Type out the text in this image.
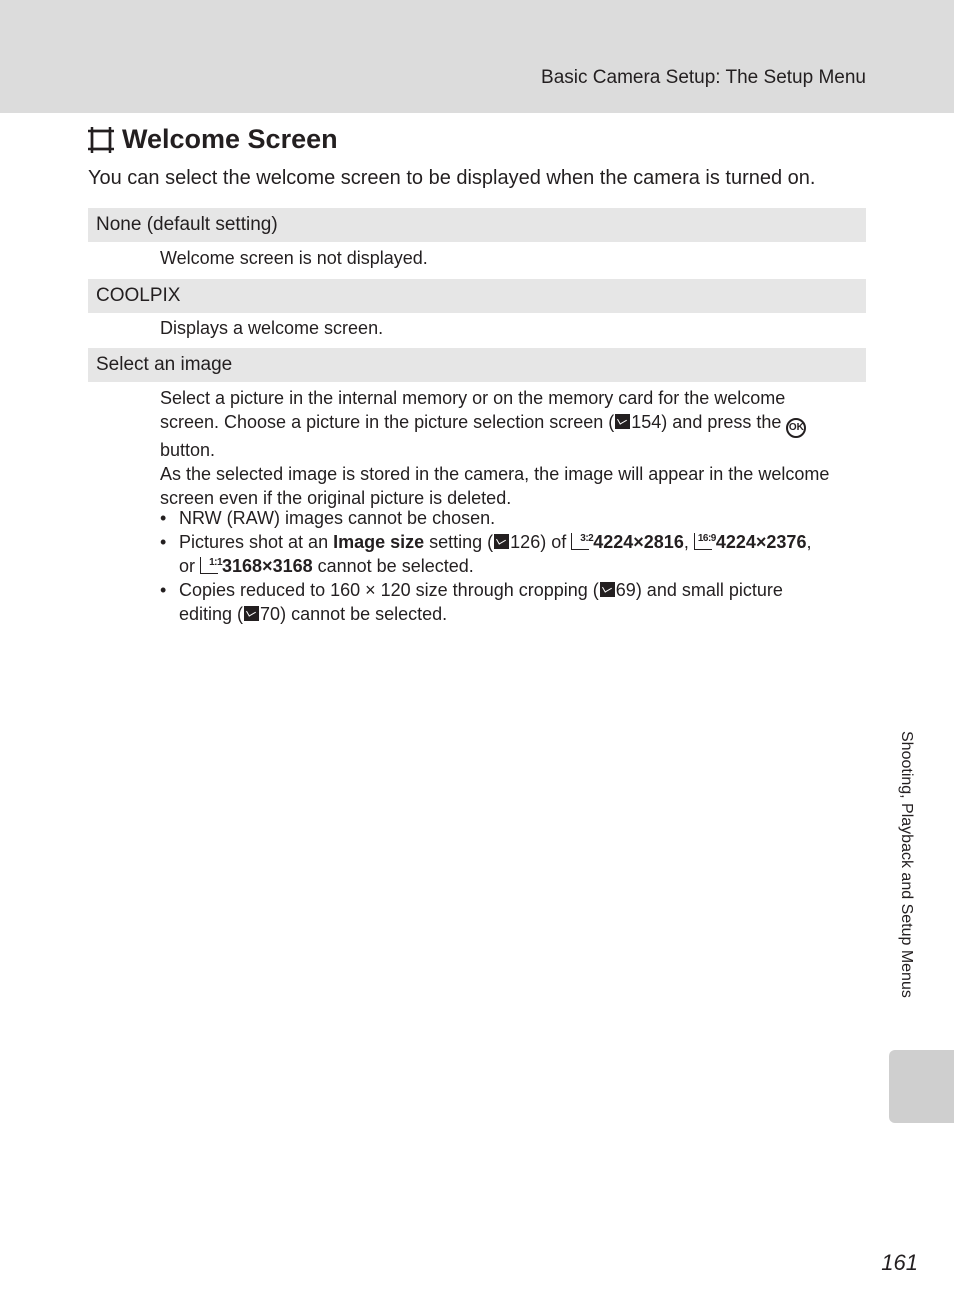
Basic Camera Setup: The Setup Menu
Welcome Screen
You can select the welcome screen to be displayed when the camera is turned on.
None (default setting)
Welcome screen is not displayed.
COOLPIX
Displays a welcome screen.
Select an image
Select a picture in the internal memory or on the memory card for the welcome
screen. Choose a picture in the picture selection screen ( 154) and press the OK
button.
As the selected image is stored in the camera, the image will appear in the welcome screen even if the original picture is deleted.
• NRW (RAW) images cannot be chosen.
• Pictures shot at an Image size setting ( 126) of 3:2 4224×2816, 16:9 4224×2376,
or 1:1 3168×3168 cannot be selected.
• Copies reduced to 160 × 120 size through cropping ( 69) and small picture
editing ( 70) cannot be selected.
Shooting, Playback and Setup Menus
161
